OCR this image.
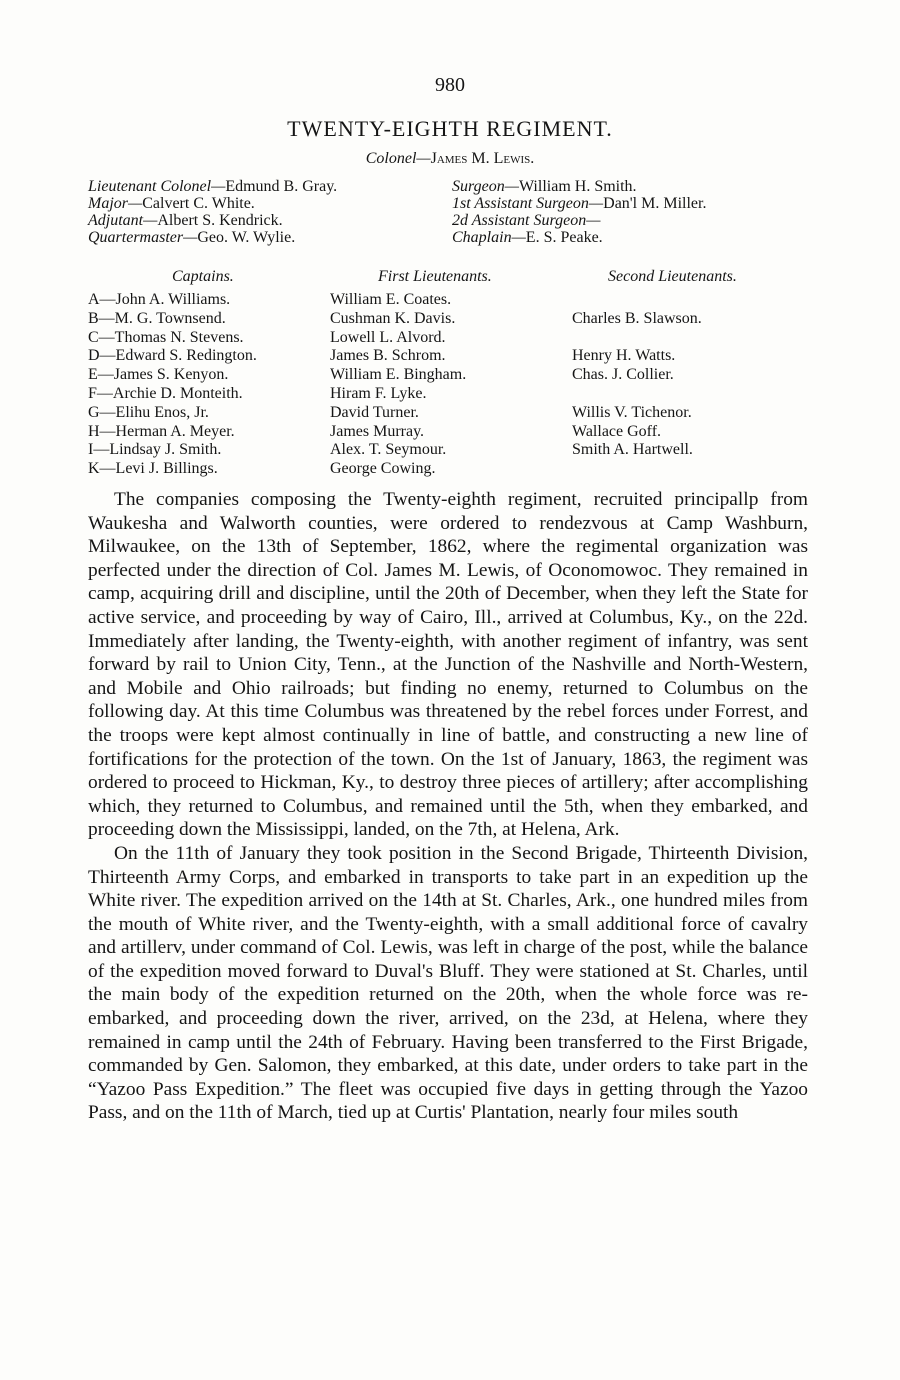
980
TWENTY-EIGHTH REGIMENT.
Colonel—James M. Lewis.
Lieutenant Colonel—Edmund B. Gray.
Major—Calvert C. White.
Adjutant—Albert S. Kendrick.
Quartermaster—Geo. W. Wylie.
Surgeon—William H. Smith.
1st Assistant Surgeon—Dan'l M. Miller.
2d Assistant Surgeon—
Chaplain—E. S. Peake.
Captains.	First Lieutenants.	Second Lieutenants.
A—John A. Williams.
B—M. G. Townsend.
C—Thomas N. Stevens.
D—Edward S. Redington.
E—James S. Kenyon.
F—Archie D. Monteith.
G—Elihu Enos, Jr.
H—Herman A. Meyer.
I—Lindsay J. Smith.
K—Levi J. Billings.
William E. Coates.
Cushman K. Davis.
Lowell L. Alvord.
James B. Schrom.
William E. Bingham.
Hiram F. Lyke.
David Turner.
James Murray.
Alex. T. Seymour.
George Cowing.
Charles B. Slawson.
Henry H. Watts.
Chas. J. Collier.
Willis V. Tichenor.
Wallace Goff.
Smith A. Hartwell.

The companies composing the Twenty-eighth regiment, recruited principallp from Waukesha and Walworth counties, were ordered to rendezvous at Camp Washburn, Milwaukee, on the 13th of September, 1862, where the regimental organization was perfected under the direction of Col. James M. Lewis, of Oconomowoc. They remained in camp, acquiring drill and discipline, until the 20th of December, when they left the State for active service, and proceeding by way of Cairo, Ill., arrived at Columbus, Ky., on the 22d. Immediately after landing, the Twenty-eighth, with another regiment of infantry, was sent forward by rail to Union City, Tenn., at the Junction of the Nashville and North-Western, and Mobile and Ohio railroads; but finding no enemy, returned to Columbus on the following day. At this time Columbus was threatened by the rebel forces under Forrest, and the troops were kept almost continually in line of battle, and constructing a new line of fortifications for the protection of the town. On the 1st of January, 1863, the regiment was ordered to proceed to Hickman, Ky., to destroy three pieces of artillery; after accomplishing which, they returned to Columbus, and remained until the 5th, when they embarked, and proceeding down the Mississippi, landed, on the 7th, at Helena, Ark.

On the 11th of January they took position in the Second Brigade, Thirteenth Division, Thirteenth Army Corps, and embarked in transports to take part in an expedition up the White river. The expedition arrived on the 14th at St. Charles, Ark., one hundred miles from the mouth of White river, and the Twenty-eighth, with a small additional force of cavalry and artillerv, under command of Col. Lewis, was left in charge of the post, while the balance of the expedition moved forward to Duval's Bluff. They were stationed at St. Charles, until the main body of the expedition returned on the 20th, when the whole force was re-embarked, and proceeding down the river, arrived, on the 23d, at Helena, where they remained in camp until the 24th of February. Having been transferred to the First Brigade, commanded by Gen. Salomon, they embarked, at this date, under orders to take part in the “Yazoo Pass Expedition.” The fleet was occupied five days in getting through the Yazoo Pass, and on the 11th of March, tied up at Curtis' Plantation, nearly four miles south
